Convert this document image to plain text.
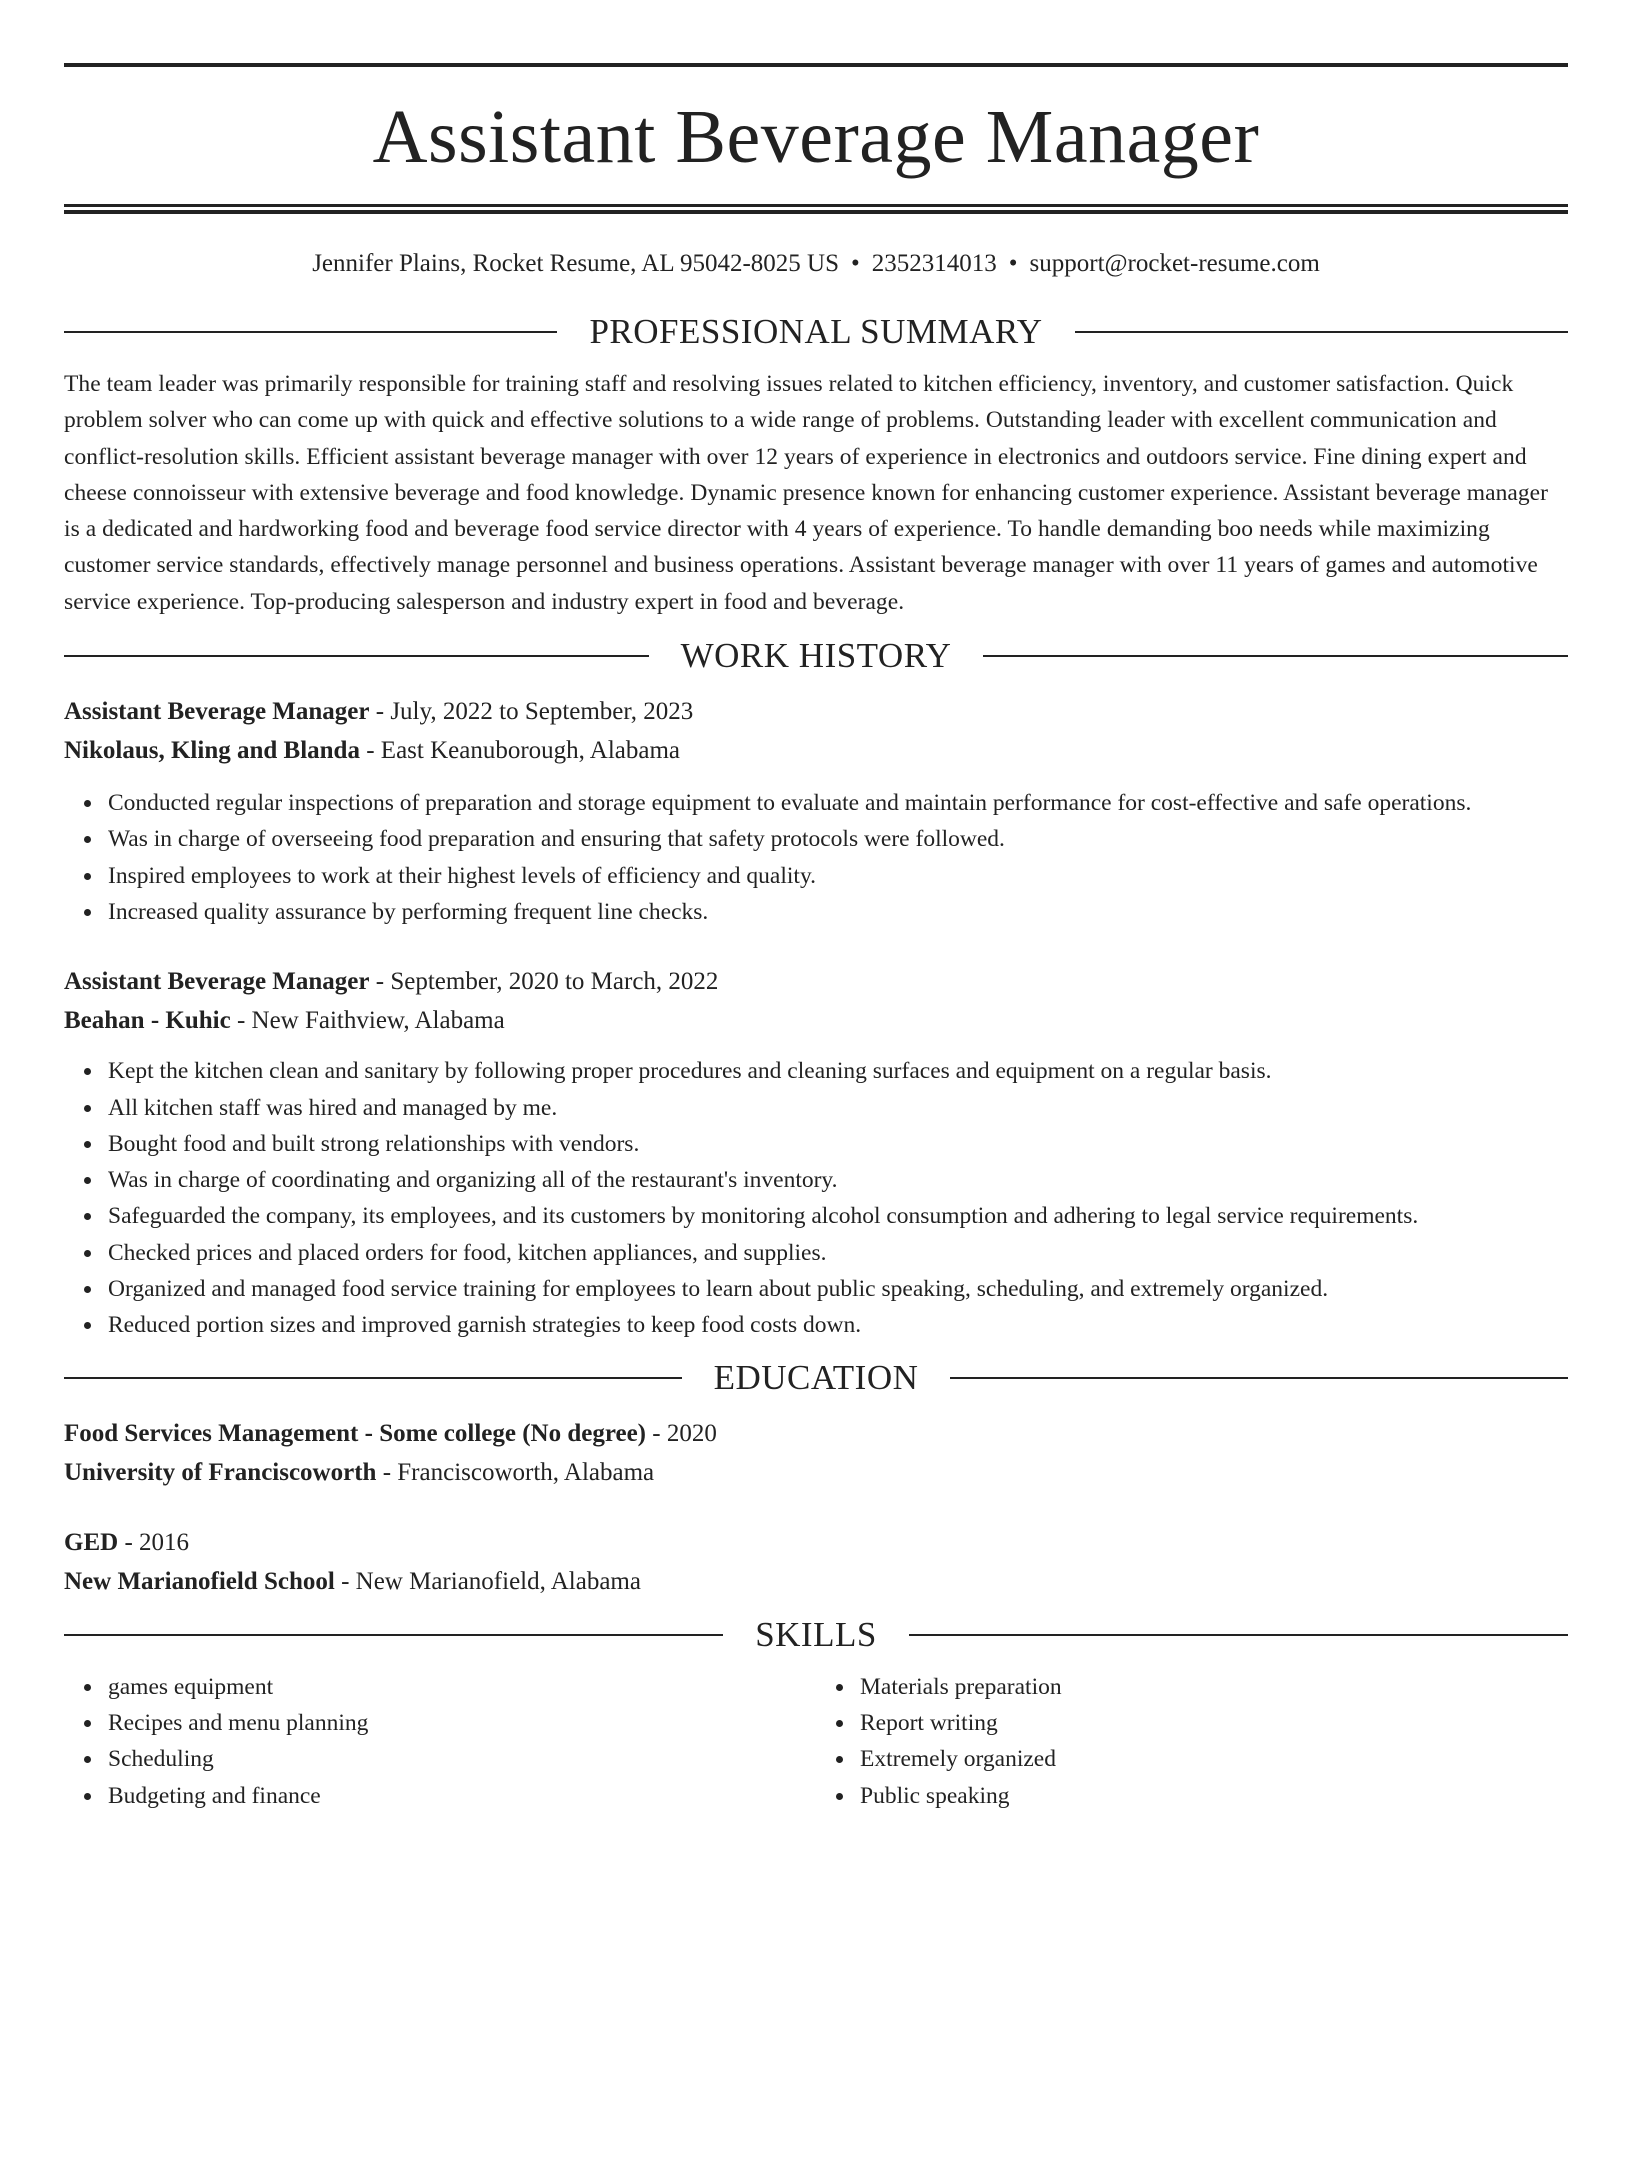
Assistant Beverage Manager
Jennifer Plains, Rocket Resume, AL 95042-8025 US • 2352314013 • support@rocket-resume.com
PROFESSIONAL SUMMARY
The team leader was primarily responsible for training staff and resolving issues related to kitchen efficiency, inventory, and customer satisfaction. Quick problem solver who can come up with quick and effective solutions to a wide range of problems. Outstanding leader with excellent communication and conflict-resolution skills. Efficient assistant beverage manager with over 12 years of experience in electronics and outdoors service. Fine dining expert and cheese connoisseur with extensive beverage and food knowledge. Dynamic presence known for enhancing customer experience. Assistant beverage manager is a dedicated and hardworking food and beverage food service director with 4 years of experience. To handle demanding boo needs while maximizing customer service standards, effectively manage personnel and business operations. Assistant beverage manager with over 11 years of games and automotive service experience. Top-producing salesperson and industry expert in food and beverage.
WORK HISTORY
Assistant Beverage Manager - July, 2022 to September, 2023
Nikolaus, Kling and Blanda - East Keanuborough, Alabama
Conducted regular inspections of preparation and storage equipment to evaluate and maintain performance for cost-effective and safe operations.
Was in charge of overseeing food preparation and ensuring that safety protocols were followed.
Inspired employees to work at their highest levels of efficiency and quality.
Increased quality assurance by performing frequent line checks.
Assistant Beverage Manager - September, 2020 to March, 2022
Beahan - Kuhic - New Faithview, Alabama
Kept the kitchen clean and sanitary by following proper procedures and cleaning surfaces and equipment on a regular basis.
All kitchen staff was hired and managed by me.
Bought food and built strong relationships with vendors.
Was in charge of coordinating and organizing all of the restaurant's inventory.
Safeguarded the company, its employees, and its customers by monitoring alcohol consumption and adhering to legal service requirements.
Checked prices and placed orders for food, kitchen appliances, and supplies.
Organized and managed food service training for employees to learn about public speaking, scheduling, and extremely organized.
Reduced portion sizes and improved garnish strategies to keep food costs down.
EDUCATION
Food Services Management - Some college (No degree) - 2020
University of Franciscoworth - Franciscoworth, Alabama
GED - 2016
New Marianofield School - New Marianofield, Alabama
SKILLS
games equipment
Recipes and menu planning
Scheduling
Budgeting and finance
Materials preparation
Report writing
Extremely organized
Public speaking
